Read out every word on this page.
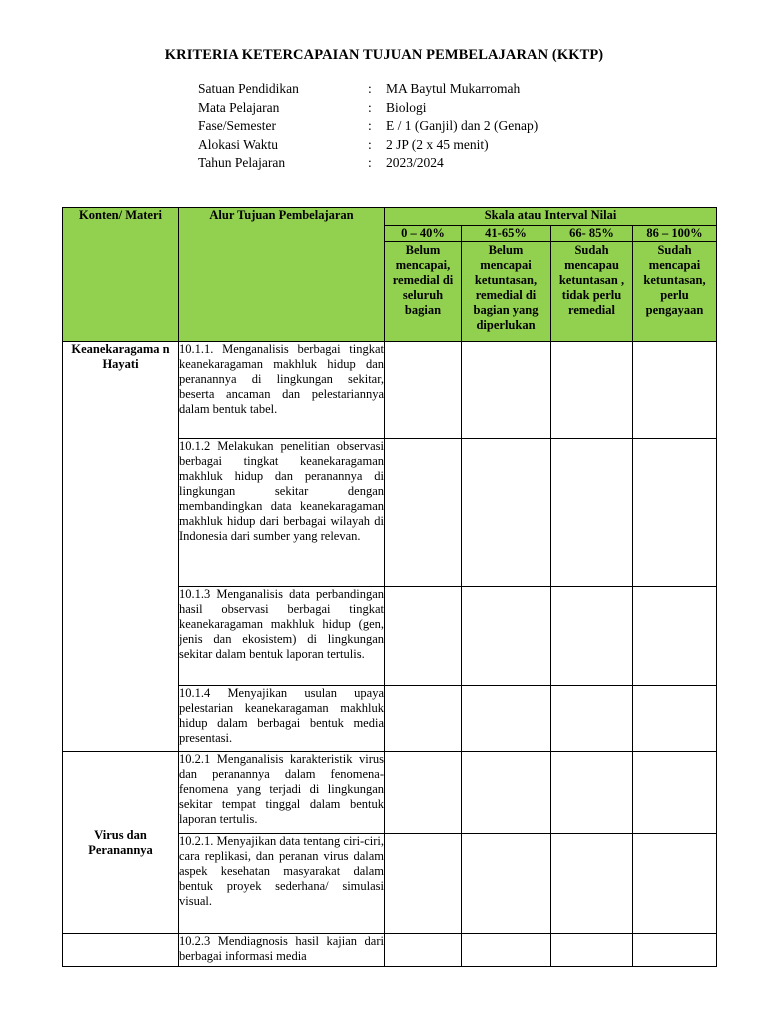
KRITERIA KETERCAPAIAN TUJUAN PEMBELAJARAN (KKTP)
Satuan Pendidikan	: MA Baytul Mukarromah
Mata Pelajaran	: Biologi
Fase/Semester	: E / 1 (Ganjil) dan 2 (Genap)
Alokasi Waktu	: 2 JP (2 x 45 menit)
Tahun Pelajaran	: 2023/2024
Konten/ Materi	Alur Tujuan Pembelajaran	Skala atau Interval Nilai			
		0 – 40%	41-65%	66- 85%	86 – 100%
		Belum mencapai, remedial di seluruh bagian	Belum mencapai ketuntasan, remedial di bagian yang diperlukan	Sudah mencapau ketuntasan , tidak perlu remedial	Sudah mencapai ketuntasan, perlu pengayaan
Keanekaragama n Hayati	10.1.1. Menganalisis berbagai tingkat keanekaragaman makhluk hidup dan peranannya di lingkungan sekitar, beserta ancaman dan pelestariannya dalam bentuk tabel.				
	10.1.2 Melakukan penelitian observasi berbagai tingkat keanekaragaman makhluk hidup dan peranannya di lingkungan sekitar dengan membandingkan data keanekaragaman makhluk hidup dari berbagai wilayah di Indonesia dari sumber yang relevan.				
	10.1.3 Menganalisis data perbandingan hasil observasi berbagai tingkat keanekaragaman makhluk hidup (gen, jenis dan ekosistem) di lingkungan sekitar dalam bentuk laporan tertulis.				
	10.1.4 Menyajikan usulan upaya pelestarian keanekaragaman makhluk hidup dalam berbagai bentuk media presentasi.				
Virus dan Peranannya	10.2.1 Menganalisis karakteristik virus dan peranannya dalam fenomena-fenomena yang terjadi di lingkungan sekitar tempat tinggal dalam bentuk laporan tertulis.				
	10.2.1. Menyajikan data tentang ciri-ciri, cara replikasi, dan peranan virus dalam aspek kesehatan masyarakat dalam bentuk proyek sederhana/ simulasi visual.				
	10.2.3 Mendiagnosis hasil kajian dari berbagai informasi media				
